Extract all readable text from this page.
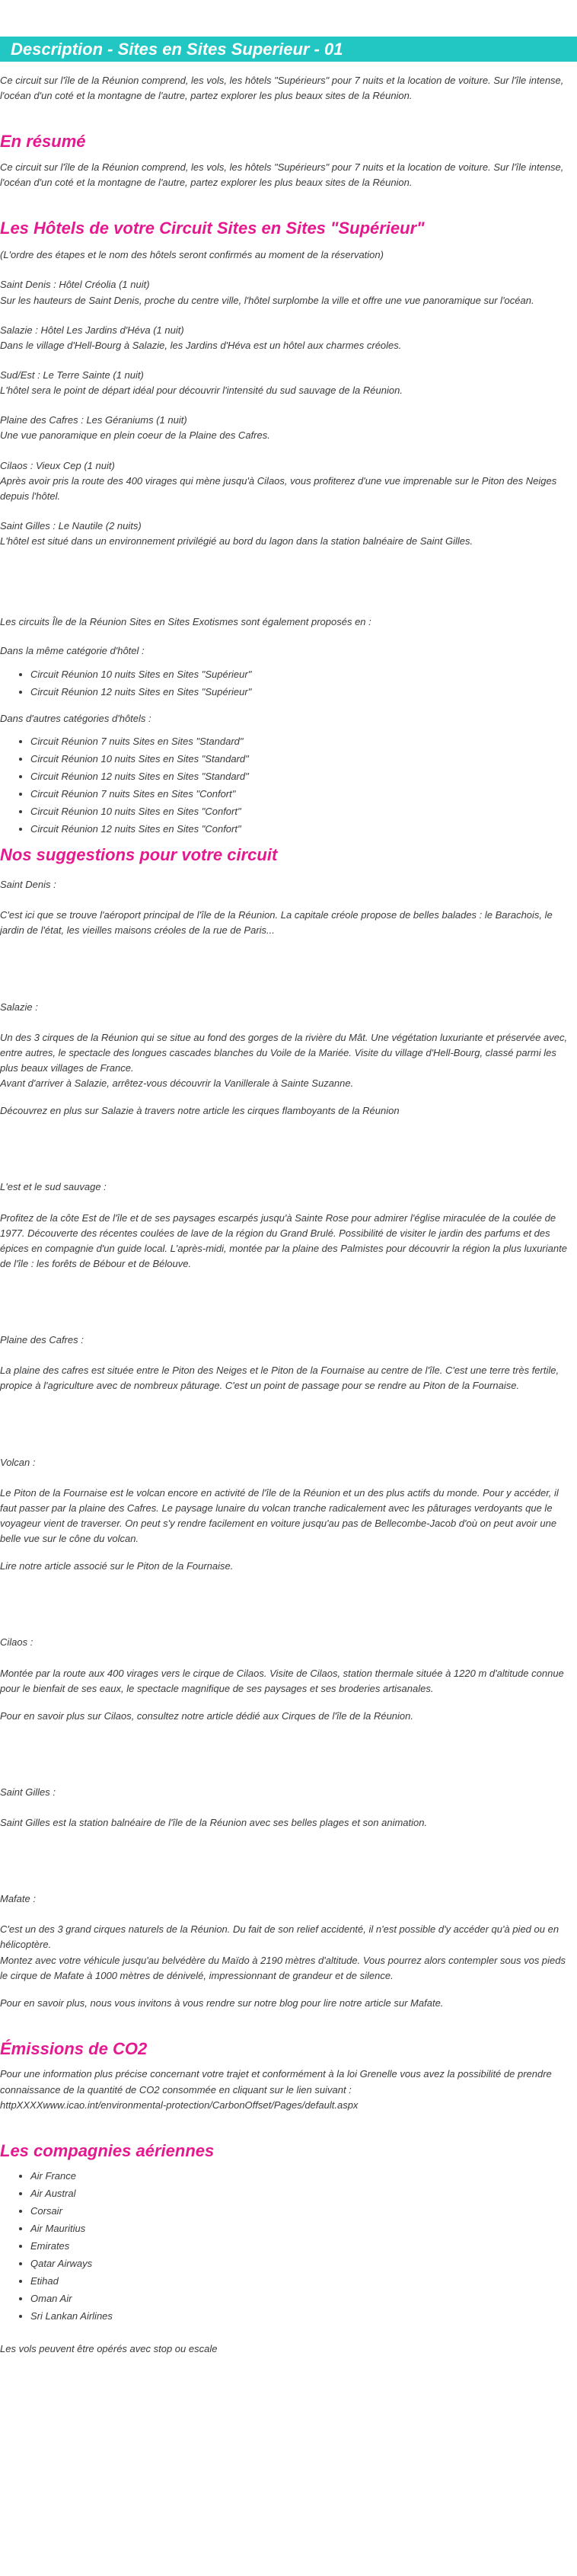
Description - Sites en Sites Superieur - 01

Ce circuit sur l'île de la Réunion comprend, les vols, les hôtels "Supérieurs" pour 7 nuits et la location de voiture. Sur l'île intense, l'océan d'un coté et la montagne de l'autre, partez explorer les plus beaux sites de la Réunion.

En résumé

Ce circuit sur l'île de la Réunion comprend, les vols, les hôtels "Supérieurs" pour 7 nuits et la location de voiture. Sur l'île intense, l'océan d'un coté et la montagne de l'autre, partez explorer les plus beaux sites de la Réunion.

Les Hôtels de votre Circuit Sites en Sites "Supérieur"

(L'ordre des étapes et le nom des hôtels seront confirmés au moment de la réservation)

Saint Denis : Hôtel Créolia (1 nuit)

Sur les hauteurs de Saint Denis, proche du centre ville, l'hôtel surplombe la ville et offre une vue panoramique sur l'océan.

Salazie : Hôtel Les Jardins d'Héva (1 nuit)

Dans le village d'Hell-Bourg à Salazie, les Jardins d'Héva est un hôtel aux charmes créoles.

Sud/Est : Le Terre Sainte (1 nuit)

L'hôtel sera le point de départ idéal pour découvrir l'intensité du sud sauvage de la Réunion.

Plaine des Cafres : Les Géraniums (1 nuit)

Une vue panoramique en plein coeur de la Plaine des Cafres.

Cilaos : Vieux Cep (1 nuit)

Après avoir pris la route des 400 virages qui mène jusqu'à Cilaos, vous profiterez d'une vue imprenable sur le Piton des Neiges depuis l'hôtel.

Saint Gilles : Le Nautile (2 nuits)

L'hôtel est situé dans un environnement privilégié au bord du lagon dans la station balnéaire de Saint Gilles.

Les circuits Île de la Réunion Sites en Sites Exotismes sont également proposés en :

Dans la même catégorie d'hôtel :

• Circuit Réunion 10 nuits Sites en Sites "Supérieur"
• Circuit Réunion 12 nuits Sites en Sites "Supérieur"

Dans d'autres catégories d'hôtels :

• Circuit Réunion 7 nuits Sites en Sites "Standard"
• Circuit Réunion 10 nuits Sites en Sites "Standard"
• Circuit Réunion 12 nuits Sites en Sites "Standard"
• Circuit Réunion 7 nuits Sites en Sites "Confort"
• Circuit Réunion 10 nuits Sites en Sites "Confort"
• Circuit Réunion 12 nuits Sites en Sites "Confort"
Nos suggestions pour votre circuit

Saint Denis :

C'est ici que se trouve l'aéroport principal de l'île de la Réunion. La capitale créole propose de belles balades : le Barachois, le jardin de l'état, les vieilles maisons créoles de la rue de Paris...

Salazie :

Un des 3 cirques de la Réunion qui se situe au fond des gorges de la rivière du Mât. Une végétation luxuriante et préservée avec, entre autres, le spectacle des longues cascades blanches du Voile de la Mariée. Visite du village d'Hell-Bourg, classé parmi les plus beaux villages de France.

Avant d'arriver à Salazie, arrêtez-vous découvrir la Vanillerale à Sainte Suzanne.

Découvrez en plus sur Salazie à travers notre article les cirques flamboyants de la Réunion

L'est et le sud sauvage :

Profitez de la côte Est de l'île et de ses paysages escarpés jusqu'à Sainte Rose pour admirer l'église miraculée de la coulée de 1977. Découverte des récentes coulées de lave de la région du Grand Brulé. Possibilité de visiter le jardin des parfums et des épices en compagnie d'un guide local. L'après-midi, montée par la plaine des Palmistes pour découvrir la région la plus luxuriante de l'île : les forêts de Bébour et de Bélouve.

Plaine des Cafres :

La plaine des cafres est située entre le Piton des Neiges et le Piton de la Fournaise au centre de l'île. C'est une terre très fertile, propice à l'agriculture avec de nombreux pâturage. C'est un point de passage pour se rendre au Piton de la Fournaise.

Volcan :

Le Piton de la Fournaise est le volcan encore en activité de l'île de la Réunion et un des plus actifs du monde. Pour y accéder, il faut passer par la plaine des Cafres. Le paysage lunaire du volcan tranche radicalement avec les pâturages verdoyants que le voyageur vient de traverser. On peut s'y rendre facilement en voiture jusqu'au pas de Bellecombe-Jacob d'où on peut avoir une belle vue sur le cône du volcan.

Lire notre article associé sur le Piton de la Fournaise.

Cilaos :

Montée par la route aux 400 virages vers le cirque de Cilaos. Visite de Cilaos, station thermale située à 1220 m d'altitude connue pour le bienfait de ses eaux, le spectacle magnifique de ses paysages et ses broderies artisanales.

Pour en savoir plus sur Cilaos, consultez notre article dédié aux Cirques de l'île de la Réunion.

Saint Gilles :

Saint Gilles est la station balnéaire de l'île de la Réunion avec ses belles plages et son animation.

Mafate :

C'est un des 3 grand cirques naturels de la Réunion. Du fait de son relief accidenté, il n'est possible d'y accéder qu'à pied ou en hélicoptère.

Montez avec votre véhicule jusqu'au belvédère du Maïdo à 2190 mètres d'altitude. Vous pourrez alors contempler sous vos pieds le cirque de Mafate à 1000 mètres de dénivelé, impressionnant de grandeur et de silence.

Pour en savoir plus, nous vous invitons à vous rendre sur notre blog pour lire notre article sur Mafate.

Émissions de CO2

Pour une information plus précise concernant votre trajet et conformément à la loi Grenelle vous avez la possibilité de prendre connaissance de la quantité de CO2 consommée en cliquant sur le lien suivant :

httpXXXXwww.icao.int/environmental-protection/CarbonOffset/Pages/default.aspx

Les compagnies aériennes
• Air France
• Air Austral
• Corsair
• Air Mauritius
• Emirates
• Qatar Airways
• Etihad
• Oman Air
• Sri Lankan Airlines

Les vols peuvent être opérés avec stop ou escale
